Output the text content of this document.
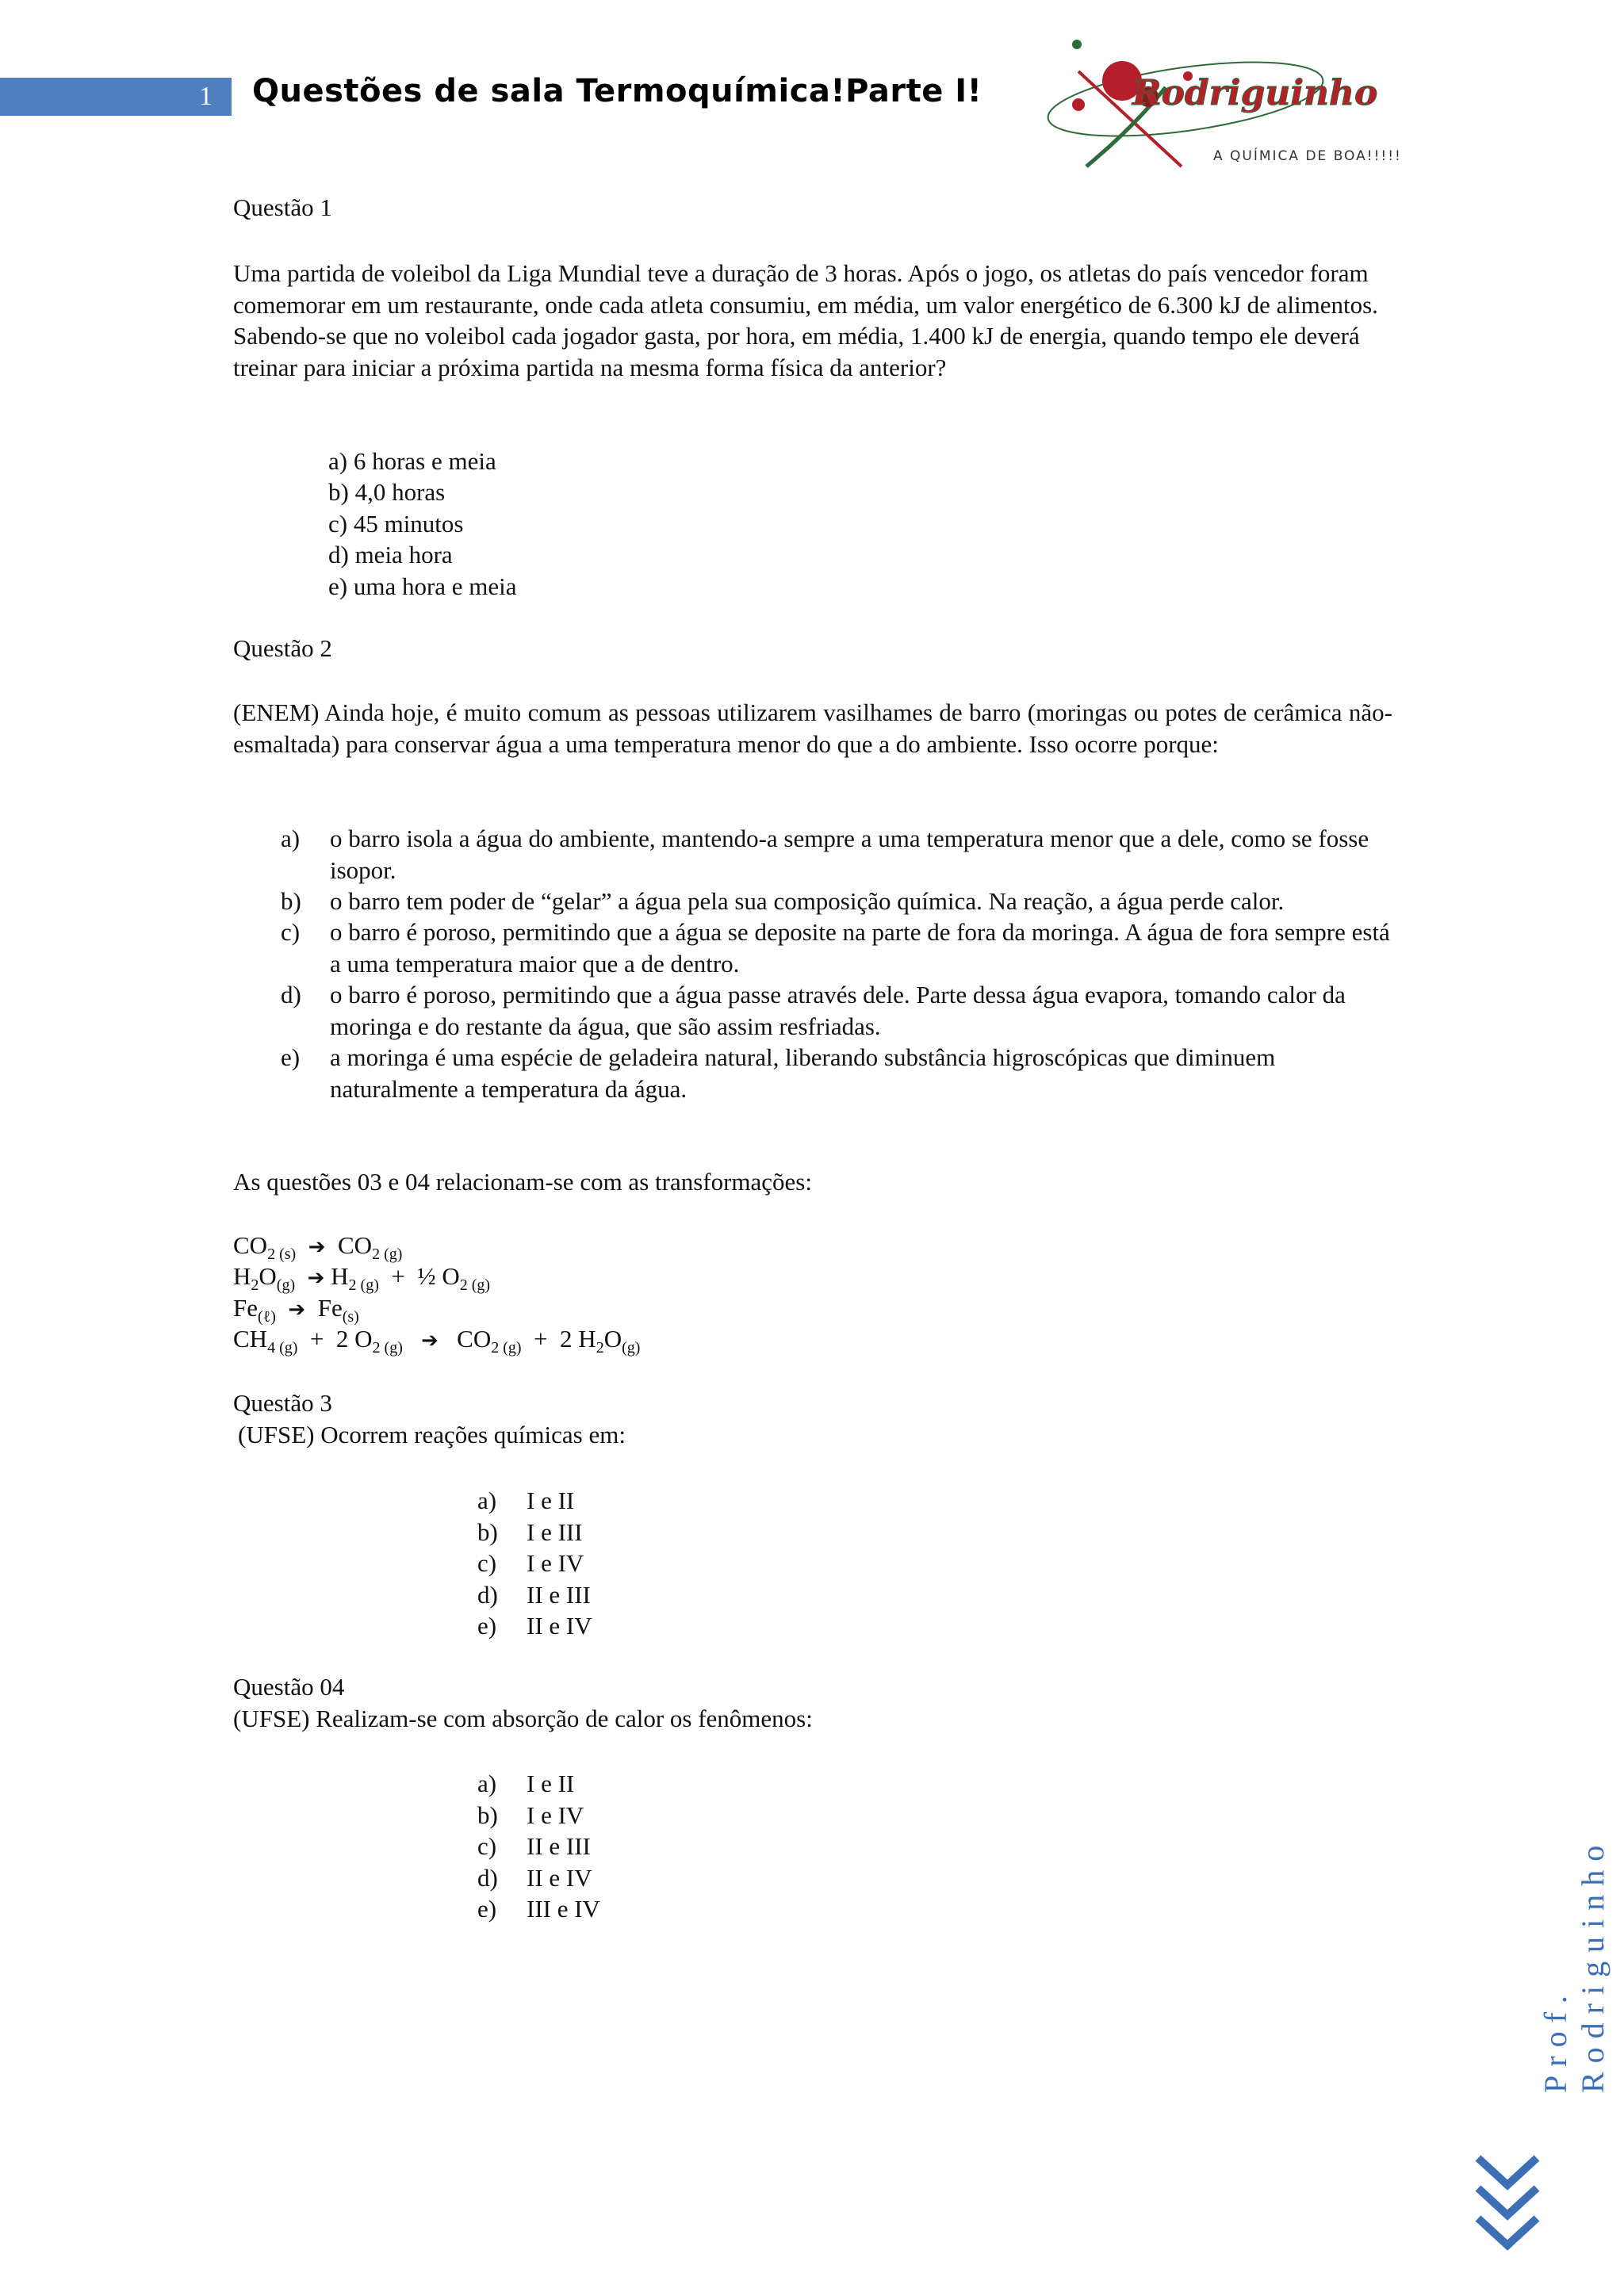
1 Questões de sala Termoquímica!Parte I!	Rodriguinho
A QUÍMICA DE BOA!!!!!
Questão 1
Uma partida de voleibol da Liga Mundial teve a duração de 3 horas. Após o jogo, os atletas do país vencedor foram comemorar em um restaurante, onde cada atleta consumiu, em média, um valor energético de 6.300 kJ de alimentos. Sabendo-se que no voleibol cada jogador gasta, por hora, em média, 1.400 kJ de energia, quando tempo ele deverá treinar para iniciar a próxima partida na mesma forma física da anterior?
a) 6 horas e meia
b) 4,0 horas
c) 45 minutos
d) meia hora
e) uma hora e meia
Questão 2
(ENEM) Ainda hoje, é muito comum as pessoas utilizarem vasilhames de barro (moringas ou potes de cerâmica não-esmaltada) para conservar água a uma temperatura menor do que a do ambiente. Isso ocorre porque:
a)	o barro isola a água do ambiente, mantendo-a sempre a uma temperatura menor que a dele, como se fosse isopor.
b)	o barro tem poder de “gelar” a água pela sua composição química. Na reação, a água perde calor.
c)	o barro é poroso, permitindo que a água se deposite na parte de fora da moringa. A água de fora sempre está a uma temperatura maior que a de dentro.
d)	o barro é poroso, permitindo que a água passe através dele. Parte dessa água evapora, tomando calor da moringa e do restante da água, que são assim resfriadas.
e)	a moringa é uma espécie de geladeira natural, liberando substância higroscópicas que diminuem naturalmente a temperatura da água.
As questões 03 e 04 relacionam-se com as transformações:
$CO_{2 (s)}$ ➔ $CO_{2 (g)}$
$H_2O_{(g)}$ ➔ $H_{2 (g)}$ + ½ $O_{2 (g)}$
$Fe_{(\ell)}$ ➔ $Fe_{(s)}$
$CH_{4 (g)} + 2$ $O_{2 (g)}$ ➔ $CO_{2 (g)} + 2$ $H_2O_{(g)}$
Questão 3
(UFSE) Ocorrem reações químicas em:
a)	I e II
b)	I e III
c)	I e IV
d)	II e III
e)	II e IV
Questão 04
(UFSE) Realizam-se com absorção de calor os fenômenos:
a)	I e II
b)	I e IV
c)	II e III
d)	II e IV
e)	III e IV
Prof. Rodriguinho
